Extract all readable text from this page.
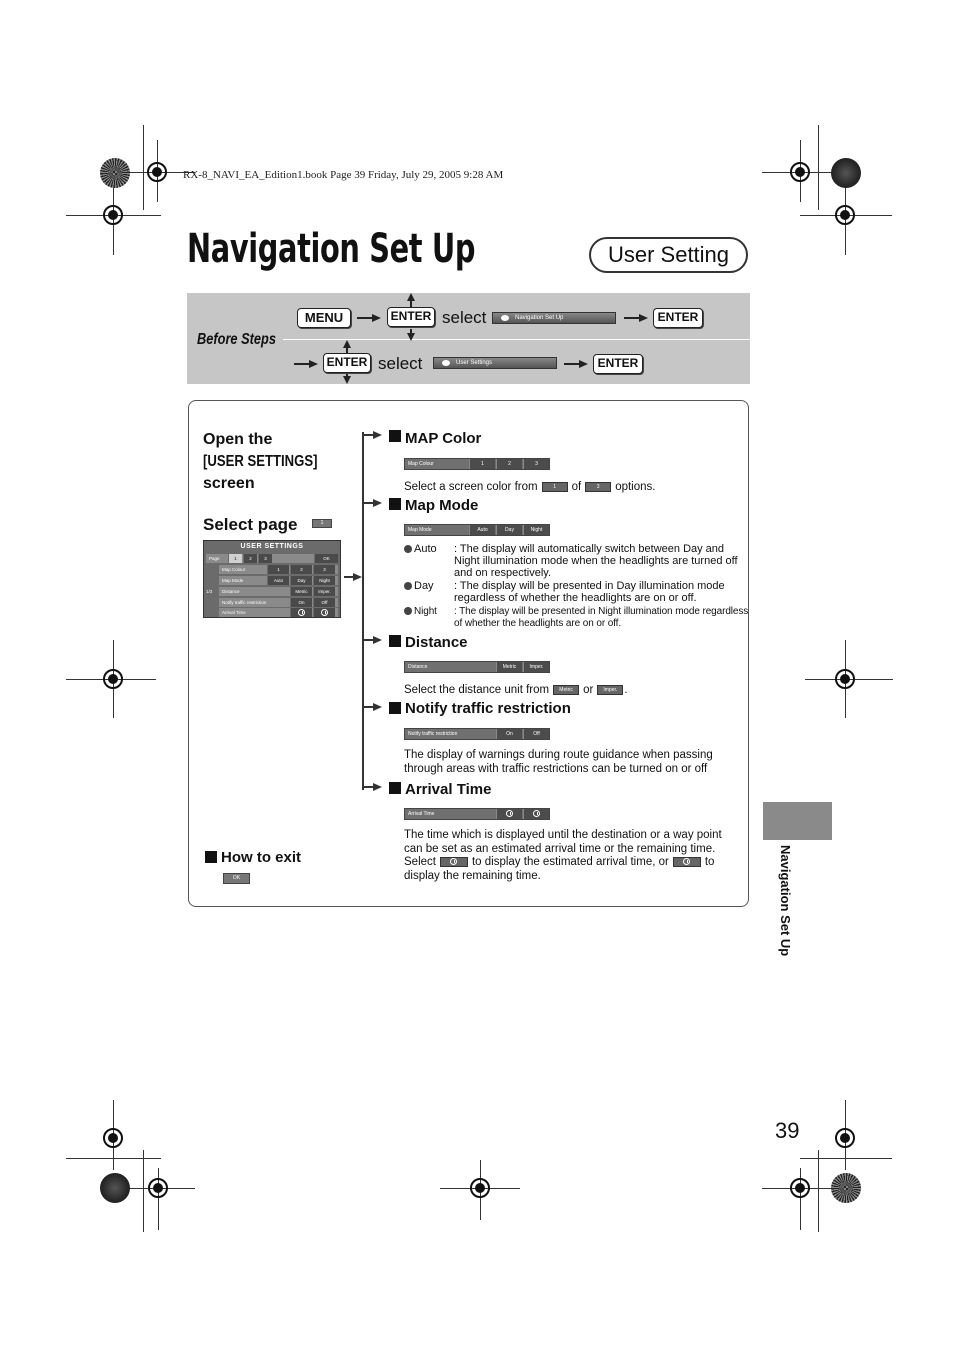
RX-8_NAVI_EA_Edition1.book Page 39 Friday, July 29, 2005 9:28 AM
Navigation Set Up	User Setting
Before Steps
MENU	ENTER select	Navigation Set Up	ENTER
ENTER select	User Settings	ENTER
Open the
[USER SETTINGS]
screen
Select page	1
USER SETTINGS
Page	1	2	3	OK
1/3
Map Colour	1	2	3
Map Mode	Auto	Day	Night
Distance	Metric	Imper.
Notify traffic restriction	On	Off
Arrival Time
MAP Color
Map Colour	1	2	3
Select a screen color from	1 of	3 options.
Map Mode
Map Mode	Auto	Day	Night
Auto : The display will automatically switch between Day and Night illumination mode when the headlights are turned off and on respectively.
Day : The display will be presented in Day illumination mode regardless of whether the headlights are on or off.
Night : The display will be presented in Night illumination mode regardless of whether the headlights are on or off.
Distance
Distance	Metric	Imper.
Select the distance unit from Metric or Imper. .
Notify traffic restriction
Notify traffic restriction	On	Off
The display of warnings during route guidance when passing through areas with traffic restrictions can be turned on or off
Arrival Time
Arrival Time
The time which is displayed until the destination or a way point can be set as an estimated arrival time or the remaining time. Select	to display the estimated arrival time, or	to display the remaining time.
How to exit
OK	Navigation Set Up
39
